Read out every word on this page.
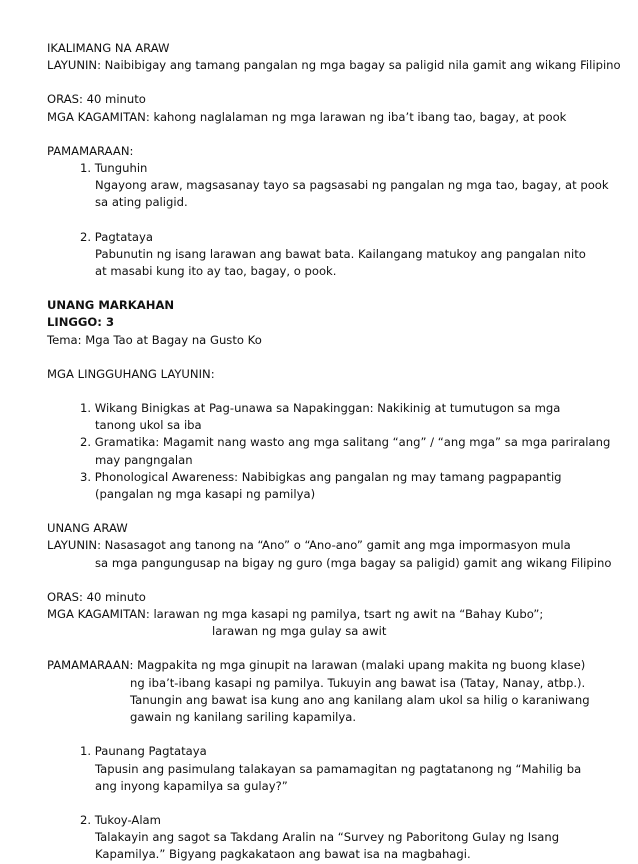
IKALIMANG NA ARAW
LAYUNIN: Naibibigay ang tamang pangalan ng mga bagay sa paligid nila gamit ang wikang Filipino
ORAS: 40 minuto
MGA KAGAMITAN: kahong naglalaman ng mga larawan ng iba’t ibang tao, bagay, at pook
PAMAMARAAN:
1. Tunguhin
Ngayong araw, magsasanay tayo sa pagsasabi ng pangalan ng mga tao, bagay, at pook
sa ating paligid.
2. Pagtataya
Pabunutin ng isang larawan ang bawat bata. Kailangang matukoy ang pangalan nito
at masabi kung ito ay tao, bagay, o pook.
UNANG MARKAHAN
LINGGO: 3
Tema: Mga Tao at Bagay na Gusto Ko
MGA LINGGUHANG LAYUNIN:
1. Wikang Binigkas at Pag-unawa sa Napakinggan: Nakikinig at tumutugon sa mga
tanong ukol sa iba
2. Gramatika: Magamit nang wasto ang mga salitang “ang” / “ang mga” sa mga pariralang
may pangngalan
3. Phonological Awareness: Nabibigkas ang pangalan ng may tamang pagpapantig
(pangalan ng mga kasapi ng pamilya)
UNANG ARAW
LAYUNIN: Nasasagot ang tanong na “Ano” o “Ano-ano” gamit ang mga impormasyon mula
sa mga pangungusap na bigay ng guro (mga bagay sa paligid) gamit ang wikang Filipino
ORAS: 40 minuto
MGA KAGAMITAN: larawan ng mga kasapi ng pamilya, tsart ng awit na “Bahay Kubo”;
larawan ng mga gulay sa awit
PAMAMARAAN: Magpakita ng mga ginupit na larawan (malaki upang makita ng buong klase)
ng iba’t-ibang kasapi ng pamilya. Tukuyin ang bawat isa (Tatay, Nanay, atbp.).
Tanungin ang bawat isa kung ano ang kanilang alam ukol sa hilig o karaniwang
gawain ng kanilang sariling kapamilya.
1. Paunang Pagtataya
Tapusin ang pasimulang talakayan sa pamamagitan ng pagtatanong ng “Mahilig ba
ang inyong kapamilya sa gulay?”
2. Tukoy-Alam
Talakayin ang sagot sa Takdang Aralin na “Survey ng Paboritong Gulay ng Isang
Kapamilya.” Bigyang pagkakataon ang bawat isa na magbahagi.
